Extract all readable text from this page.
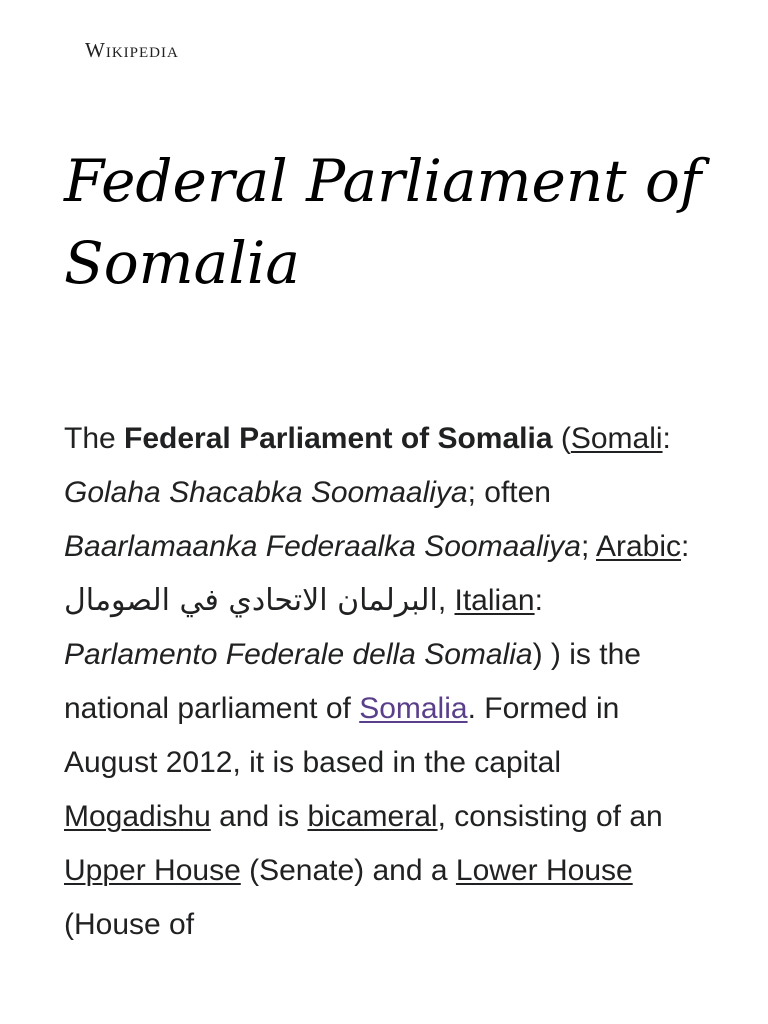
Wikipedia
Federal Parliament of Somalia

The Federal Parliament of Somalia (Somali: Golaha Shacabka Soomaaliya; often Baarlamaanka Federaalka Soomaaliya; Arabic: البرلمان الاتحادي في الصومال, Italian: Parlamento Federale della Somalia) ) is the national parliament of Somalia. Formed in August 2012, it is based in the capital Mogadishu and is bicameral, consisting of an Upper House (Senate) and a Lower House (House of
